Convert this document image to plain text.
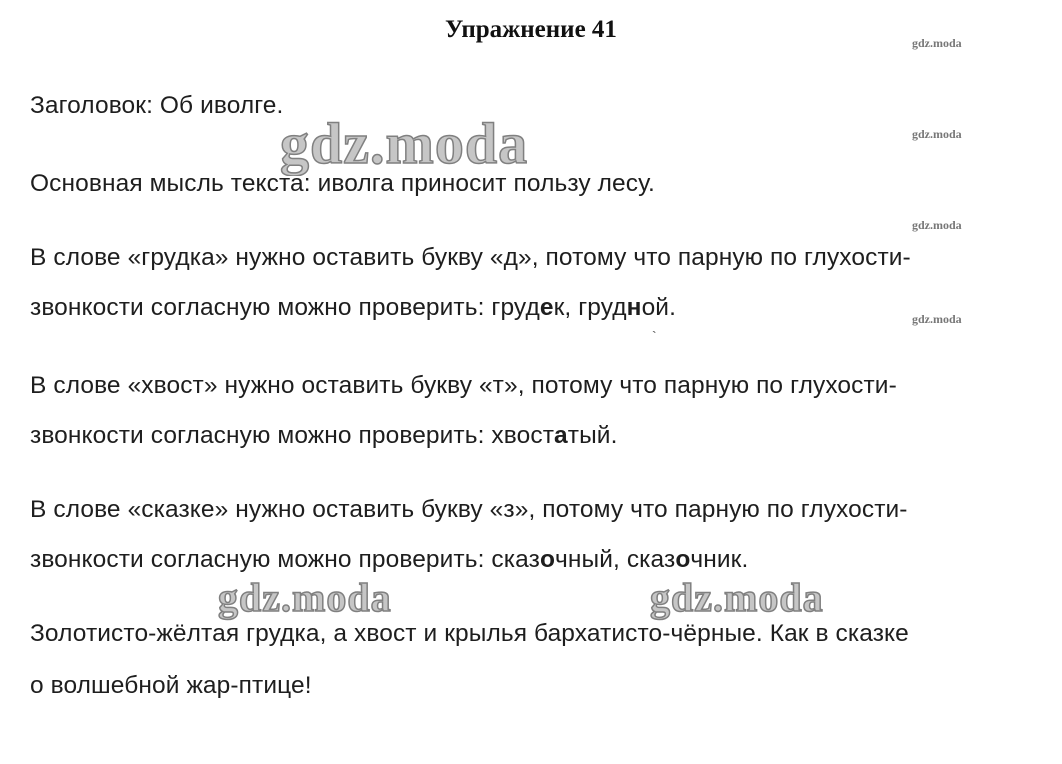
Упражнение 41	gdz.moda
gdz.moda
gdz.moda
gdz.moda
gdz.moda
gdz.moda	gdz.moda
Заголовок: Об иволге.
Основная мысль текста: иволга приносит пользу лесу.
В слове «грудка» нужно оставить букву «д», потому что парную по глухости-
звонкости согласную можно проверить: грудек, грудной.
`
В слове «хвост» нужно оставить букву «т», потому что парную по глухости-
звонкости согласную можно проверить: хвостатый.
В слове «сказке» нужно оставить букву «з», потому что парную по глухости-
звонкости согласную можно проверить: сказочный, сказочник.
Золотисто-жёлтая грудка, а хвост и крылья бархатисто-чёрные. Как в сказке
о волшебной жар-птице!
